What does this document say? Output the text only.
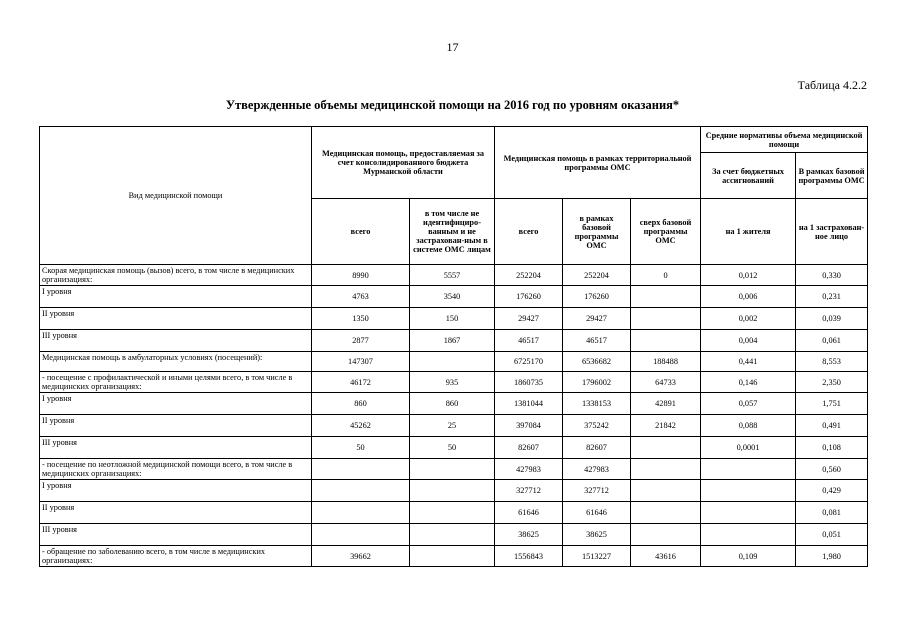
17
Таблица 4.2.2
Утвержденные объемы медицинской помощи на 2016 год по уровням оказания*
Вид медицинской помощи	Медицинская помощь, предоставляемая за счет консолидированного бюджета Мурманской области		Медицинская помощь в рамках территориальной программы ОМС			Средние нормативы объема медицинской помощи	
						За счет бюджетных ассигнований	В рамках базовой программы ОМС
	всего	в том числе не идентифициро-ванным и не застрахован-ным в системе ОМС лицам	всего	в рамках базовой программы ОМС	сверх базовой программы ОМС	на 1 жителя	на 1 застрахован-ное лицо
Скорая медицинская помощь (вызов) всего, в том числе в медицинских организациях:	8990	5557	252204	252204	0	0,012	0,330
I уровня	4763	3540	176260	176260		0,006	0,231
II уровня	1350	150	29427	29427		0,002	0,039
III уровня	2877	1867	46517	46517		0,004	0,061
Медицинская помощь в амбулаторных условиях (посещений):	147307		6725170	6536682	188488	0,441	8,553
- посещение с профилактической и иными целями всего, в том числе в медицинских организациях:	46172	935	1860735	1796002	64733	0,146	2,350
I уровня	860	860	1381044	1338153	42891	0,057	1,751
II уровня	45262	25	397084	375242	21842	0,088	0,491
III уровня	50	50	82607	82607		0,0001	0,108
- посещение по неотложной медицинской помощи всего, в том числе в медицинских организациях:			427983	427983			0,560
I уровня			327712	327712			0,429
II уровня			61646	61646			0,081
III уровня			38625	38625			0,051
- обращение по заболеванию всего, в том числе в медицинских организациях:	39662		1556843	1513227	43616	0,109	1,980
